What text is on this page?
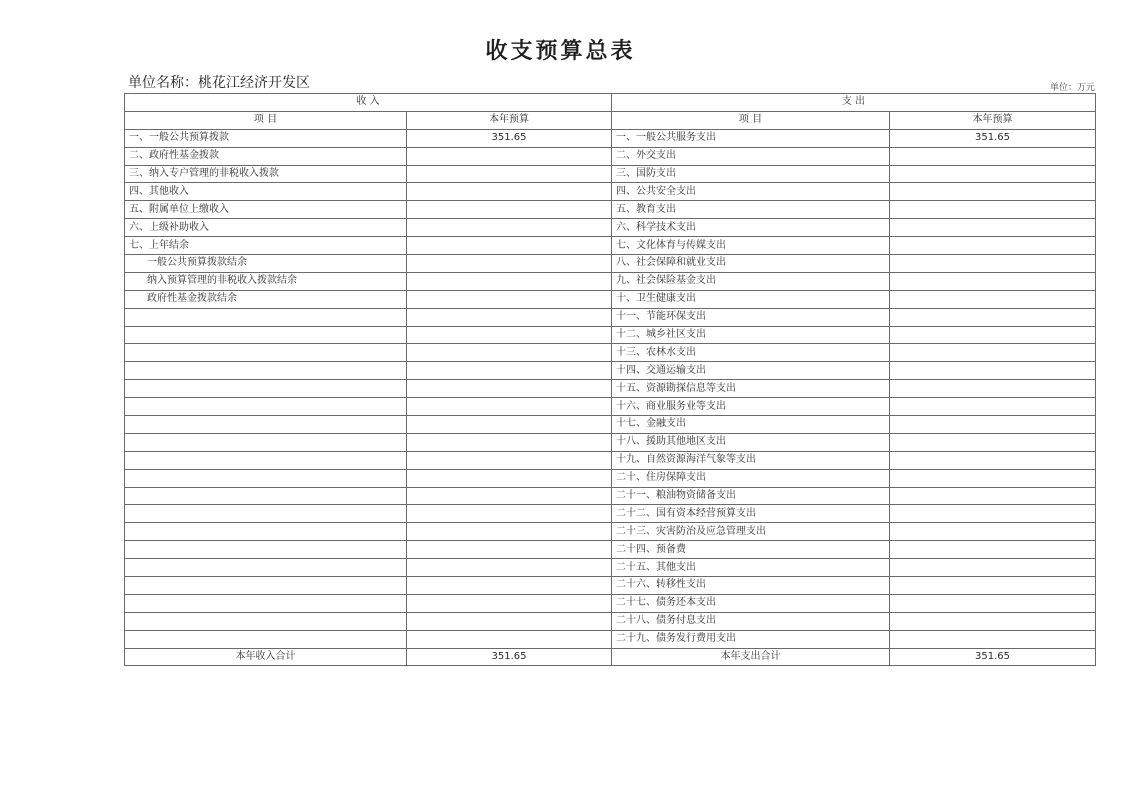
收支预算总表
单位名称：桃花江经济开发区	单位：万元
收 入		支 出	
项 目	本年预算	项 目	本年预算
一、一般公共预算拨款	351.65	一、一般公共服务支出	351.65
二、政府性基金拨款		二、外交支出	
三、纳入专户管理的非税收入拨款		三、国防支出	
四、其他收入		四、公共安全支出	
五、附属单位上缴收入		五、教育支出	
六、上级补助收入		六、科学技术支出	
七、上年结余		七、文化体育与传媒支出	
一般公共预算拨款结余		八、社会保障和就业支出	
纳入预算管理的非税收入拨款结余		九、社会保险基金支出	
政府性基金拨款结余		十、卫生健康支出	
		十一、节能环保支出	
		十二、城乡社区支出	
		十三、农林水支出	
		十四、交通运输支出	
		十五、资源勘探信息等支出	
		十六、商业服务业等支出	
		十七、金融支出	
		十八、援助其他地区支出	
		十九、自然资源海洋气象等支出	
		二十、住房保障支出	
		二十一、粮油物资储备支出	
		二十二、国有资本经营预算支出	
		二十三、灾害防治及应急管理支出	
		二十四、预备费	
		二十五、其他支出	
		二十六、转移性支出	
		二十七、债务还本支出	
		二十八、债务付息支出	
		二十九、债务发行费用支出	
本年收入合计	351.65	本年支出合计	351.65
